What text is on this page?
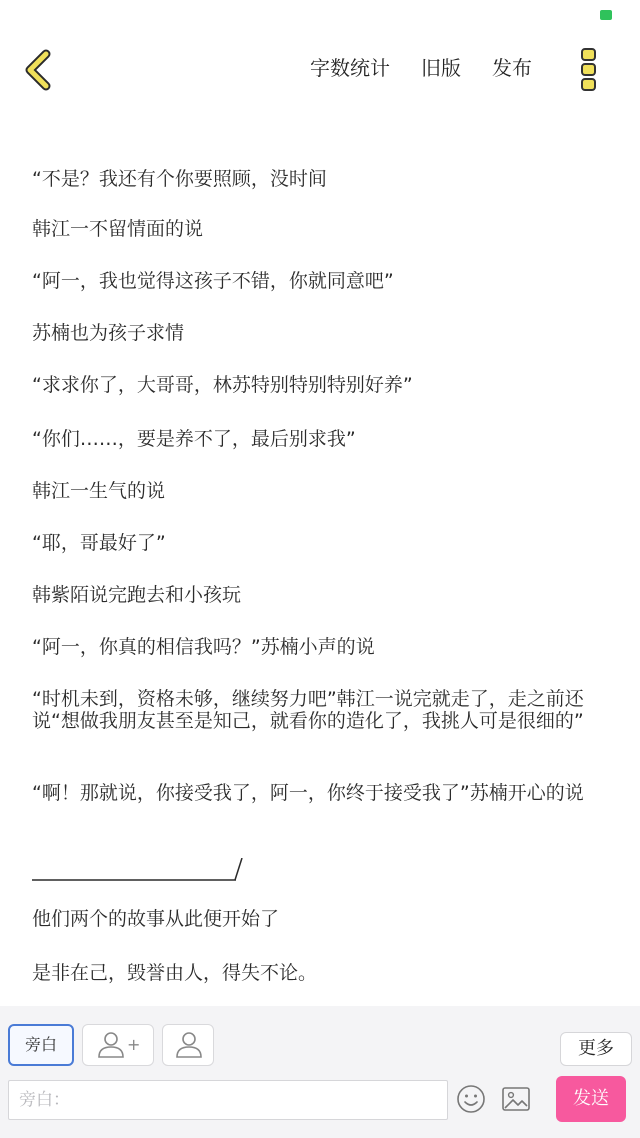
字数统计 旧版 发布
“不是？我还有个你要照顾，没时间
韩江一不留情面的说
“阿一，我也觉得这孩子不错，你就同意吧”
苏楠也为孩子求情
“求求你了，大哥哥，林苏特别特别特别好养”
“你们……，要是养不了，最后别求我”
韩江一生气的说
“耶，哥最好了”
韩紫陌说完跑去和小孩玩
“阿一，你真的相信我吗？”苏楠小声的说
“时机未到，资格未够，继续努力吧”韩江一说完就走了，走之前还说“想做我朋友甚至是知己，就看你的造化了，我挑人可是很细的”
“啊！那就说，你接受我了，阿一，你终于接受我了”苏楠开心的说
他们两个的故事从此便开始了
是非在己，毁誉由人，得失不论。
旁白	+	更多
旁白：
发送
